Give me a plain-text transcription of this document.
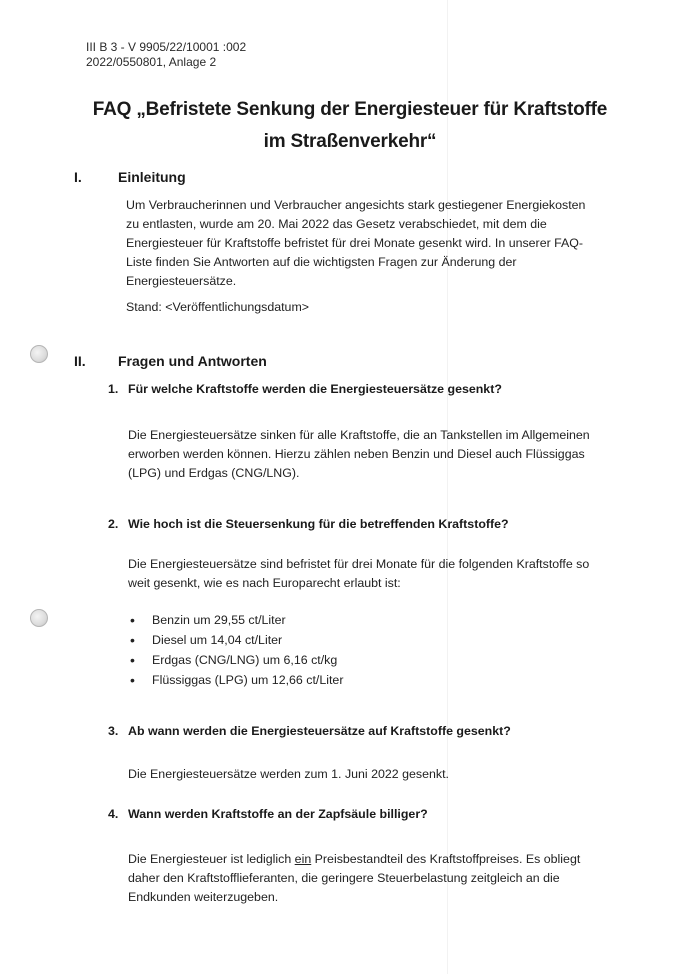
III B 3 - V 9905/22/10001 :002
2022/0550801, Anlage 2
FAQ „Befristete Senkung der Energiesteuer für Kraftstoffe
im Straßenverkehr“
I.	Einleitung
Um Verbraucherinnen und Verbraucher angesichts stark gestiegener Energiekosten
zu entlasten, wurde am 20. Mai 2022 das Gesetz verabschiedet, mit dem die
Energiesteuer für Kraftstoffe befristet für drei Monate gesenkt wird. In unserer FAQ-
Liste finden Sie Antworten auf die wichtigsten Fragen zur Änderung der
Energiesteuersätze.
Stand: <Veröffentlichungsdatum>
II. Fragen und Antworten
1. Für welche Kraftstoffe werden die Energiesteuersätze gesenkt?
Die Energiesteuersätze sinken für alle Kraftstoffe, die an Tankstellen im Allgemeinen
erworben werden können. Hierzu zählen neben Benzin und Diesel auch Flüssiggas
(LPG) und Erdgas (CNG/LNG).
2. Wie hoch ist die Steuersenkung für die betreffenden Kraftstoffe?
Die Energiesteuersätze sind befristet für drei Monate für die folgenden Kraftstoffe so
weit gesenkt, wie es nach Europarecht erlaubt ist:
• Benzin um 29,55 ct/Liter
• Diesel um 14,04 ct/Liter
• Erdgas (CNG/LNG) um 6,16 ct/kg
• Flüssiggas (LPG) um 12,66 ct/Liter
3. Ab wann werden die Energiesteuersätze auf Kraftstoffe gesenkt?
Die Energiesteuersätze werden zum 1. Juni 2022 gesenkt.
4. Wann werden Kraftstoffe an der Zapfsäule billiger?
Die Energiesteuer ist lediglich ein Preisbestandteil des Kraftstoffpreises. Es obliegt
daher den Kraftstofflieferanten, die geringere Steuerbelastung zeitgleich an die
Endkunden weiterzugeben.
